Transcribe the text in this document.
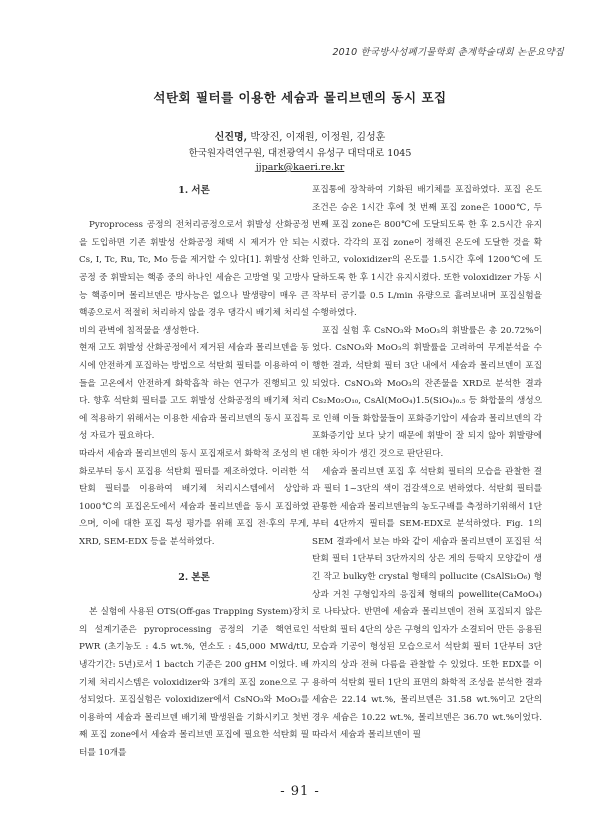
2010 한국방사성폐기물학회 춘계학술대회 논문요약집
석탄회 필터를 이용한 세슘과 몰리브덴의 동시 포집
신진명, 박장진, 이재원, 이정원, 김성훈
한국원자력연구원, 대전광역시 유성구 대덕대로 1045
jjpark@kaeri.re.kr
1. 서론

Pyroprocess 공정의 전처리공정으로서 휘발성 산화공정을 도입하면 기존 휘발성 산화공정 채택 시 제거가 안 되는 Cs, I, Tc, Ru, Tc, Mo 등을 제거할 수 있다[1]. 휘발성 산화공정 중 휘발되는 핵종 중의 하나인 세슘은 고방열 및 고방사능 핵종이며 몰리브덴은 방사능은 없으나 발생량이 매우 큰 핵종으로서 적절히 처리하지 않을 경우 댕각시 배기체 처리설비의 관벽에 침적물을 생성한다.

현재 고도 휘발성 산화공정에서 제거된 세슘과 몰리브덴을 동시에 안전하게 포집하는 방법으로 석탄회 필터를 이용하여 이들을 고온에서 안전하게 화학흡착 하는 연구가 진행되고 있다. 향후 석탄회 필터를 고도 휘발성 산화공정의 배기체 처리에 적용하기 위해서는 이용한 세슘과 몰리브덴의 동시 포집특성 자료가 필요하다.

따라서 세슘과 몰리브덴의 동시 포집재로서 화학적 조성의 변화로부터 동시 포집용 석탄회 필터를 제조하였다. 이러한 석탄회 필터를 이용하여 배기체 처리시스템에서 상압하 1000℃의 포집온도에서 세슘과 몰리브덴을 동시 포집하였으며, 이에 대한 포집 특성 평가를 위해 포집 전·후의 무게, XRD, SEM-EDX 등을 분석하였다.

2. 본론

본 실험에 사용된 OTS(Off-gas Trapping System)장치의 설계기준은 pyroprocessing 공정의 기준 핵연료인 PWR (초기농도 : 4.5 wt.%, 연소도 : 45,000 MWd/tU, 냉각기간: 5년)로서 1 bactch 기준은 200 gHM 이었다. 배기체 처리시스템은 voloxidizer와 3개의 포집 zone으로 구성되었다. 포집실험은 voloxidizer에서 CsNO₃와 MoO₃를 이용하여 세슘과 몰리브덴 배기체 발생원을 기화시키고 첫번 째 포집 zone에서 세슘과 몰리브덴 포집에 필요한 석탄회 필터를 10개를

포집통에 장착하여 기화된 배기체를 포집하였다. 포집 온도 조건은 승온 1시간 후에 첫 번째 포집 zone은 1000℃, 두 번째 포집 zone은 800℃에 도달되도록 한 후 2.5시간 유지시켰다. 각각의 포집 zone이 정해진 온도에 도달한 것을 확인하고, voloxidizer의 온도를 1.5시간 후에 1200℃에 도달하도록 한 후 1시간 유지시켰다. 또한 voloxidizer 가동 시작부터 공기를 0.5 L/min 유량으로 흘려보내며 포집실험을 수행하였다.

포집 실험 후 CsNO₃와 MoO₃의 휘발률은 총 20.72%이었다. CsNO₃와 MoO₃의 휘발률을 고려하여 무게분석을 수행한 결과, 석탄회 필터 3단 내에서 세슘과 몰리브덴이 포집되었다. CsNO₃와 MoO₃의 잔존물을 XRD로 분석한 결과 Cs₂Mo₂O₁₀, CsAl(MoO₄)1.5(SiO₄)₀.₅ 등 화합물의 생성으로 인해 이들 화합물들이 포화증기압이 세슘과 몰리브덴의 각 포화증기압 보다 낮기 때문에 휘발이 잘 되지 않아 휘발량에 대한 차이가 생긴 것으로 판단된다.

세슘과 몰리브덴 포집 후 석탄회 필터의 모습을 관찰한 결과 필터 1~3단의 색이 검갈색으로 변하였다. 석탄회 필터를 관통한 세슘과 몰리브덴늄의 농도구배를 측정하기위해서 1단부터 4단까지 필터를 SEM-EDX로 분석하였다. Fig. 1의 SEM 결과에서 보는 바와 같이 세슘과 몰리브덴이 포집된 석탄회 필터 1단부터 3단까지의 상은 게의 등딱지 모양같이 생긴 작고 bulky한 crystal 형태의 pollucite (CsAlSi₂O₆) 형상과 거친 구형입자의 응집체 형태의 powellite(CaMoO₄)로 나타났다. 반면에 세슘과 몰리브덴이 전혀 포집되지 않은 석탄회 필터 4단의 상은 구형의 입자가 소결되어 만든 응용된 모습과 기공이 형성된 모습으로서 석탄회 필터 1단부터 3단까지의 상과 전혀 다름을 관찰할 수 있었다. 또한 EDX를 이용하여 석탄회 필터 1단의 표면의 화학적 조성을 분석한 결과 세슘은 22.14 wt.%, 몰리브덴은 31.58 wt.%이고 2단의 경우 세슘은 10.22 wt.%, 몰리브덴은 36.70 wt.%이었다. 따라서 세슘과 몰리브덴이 필

- 91 -
